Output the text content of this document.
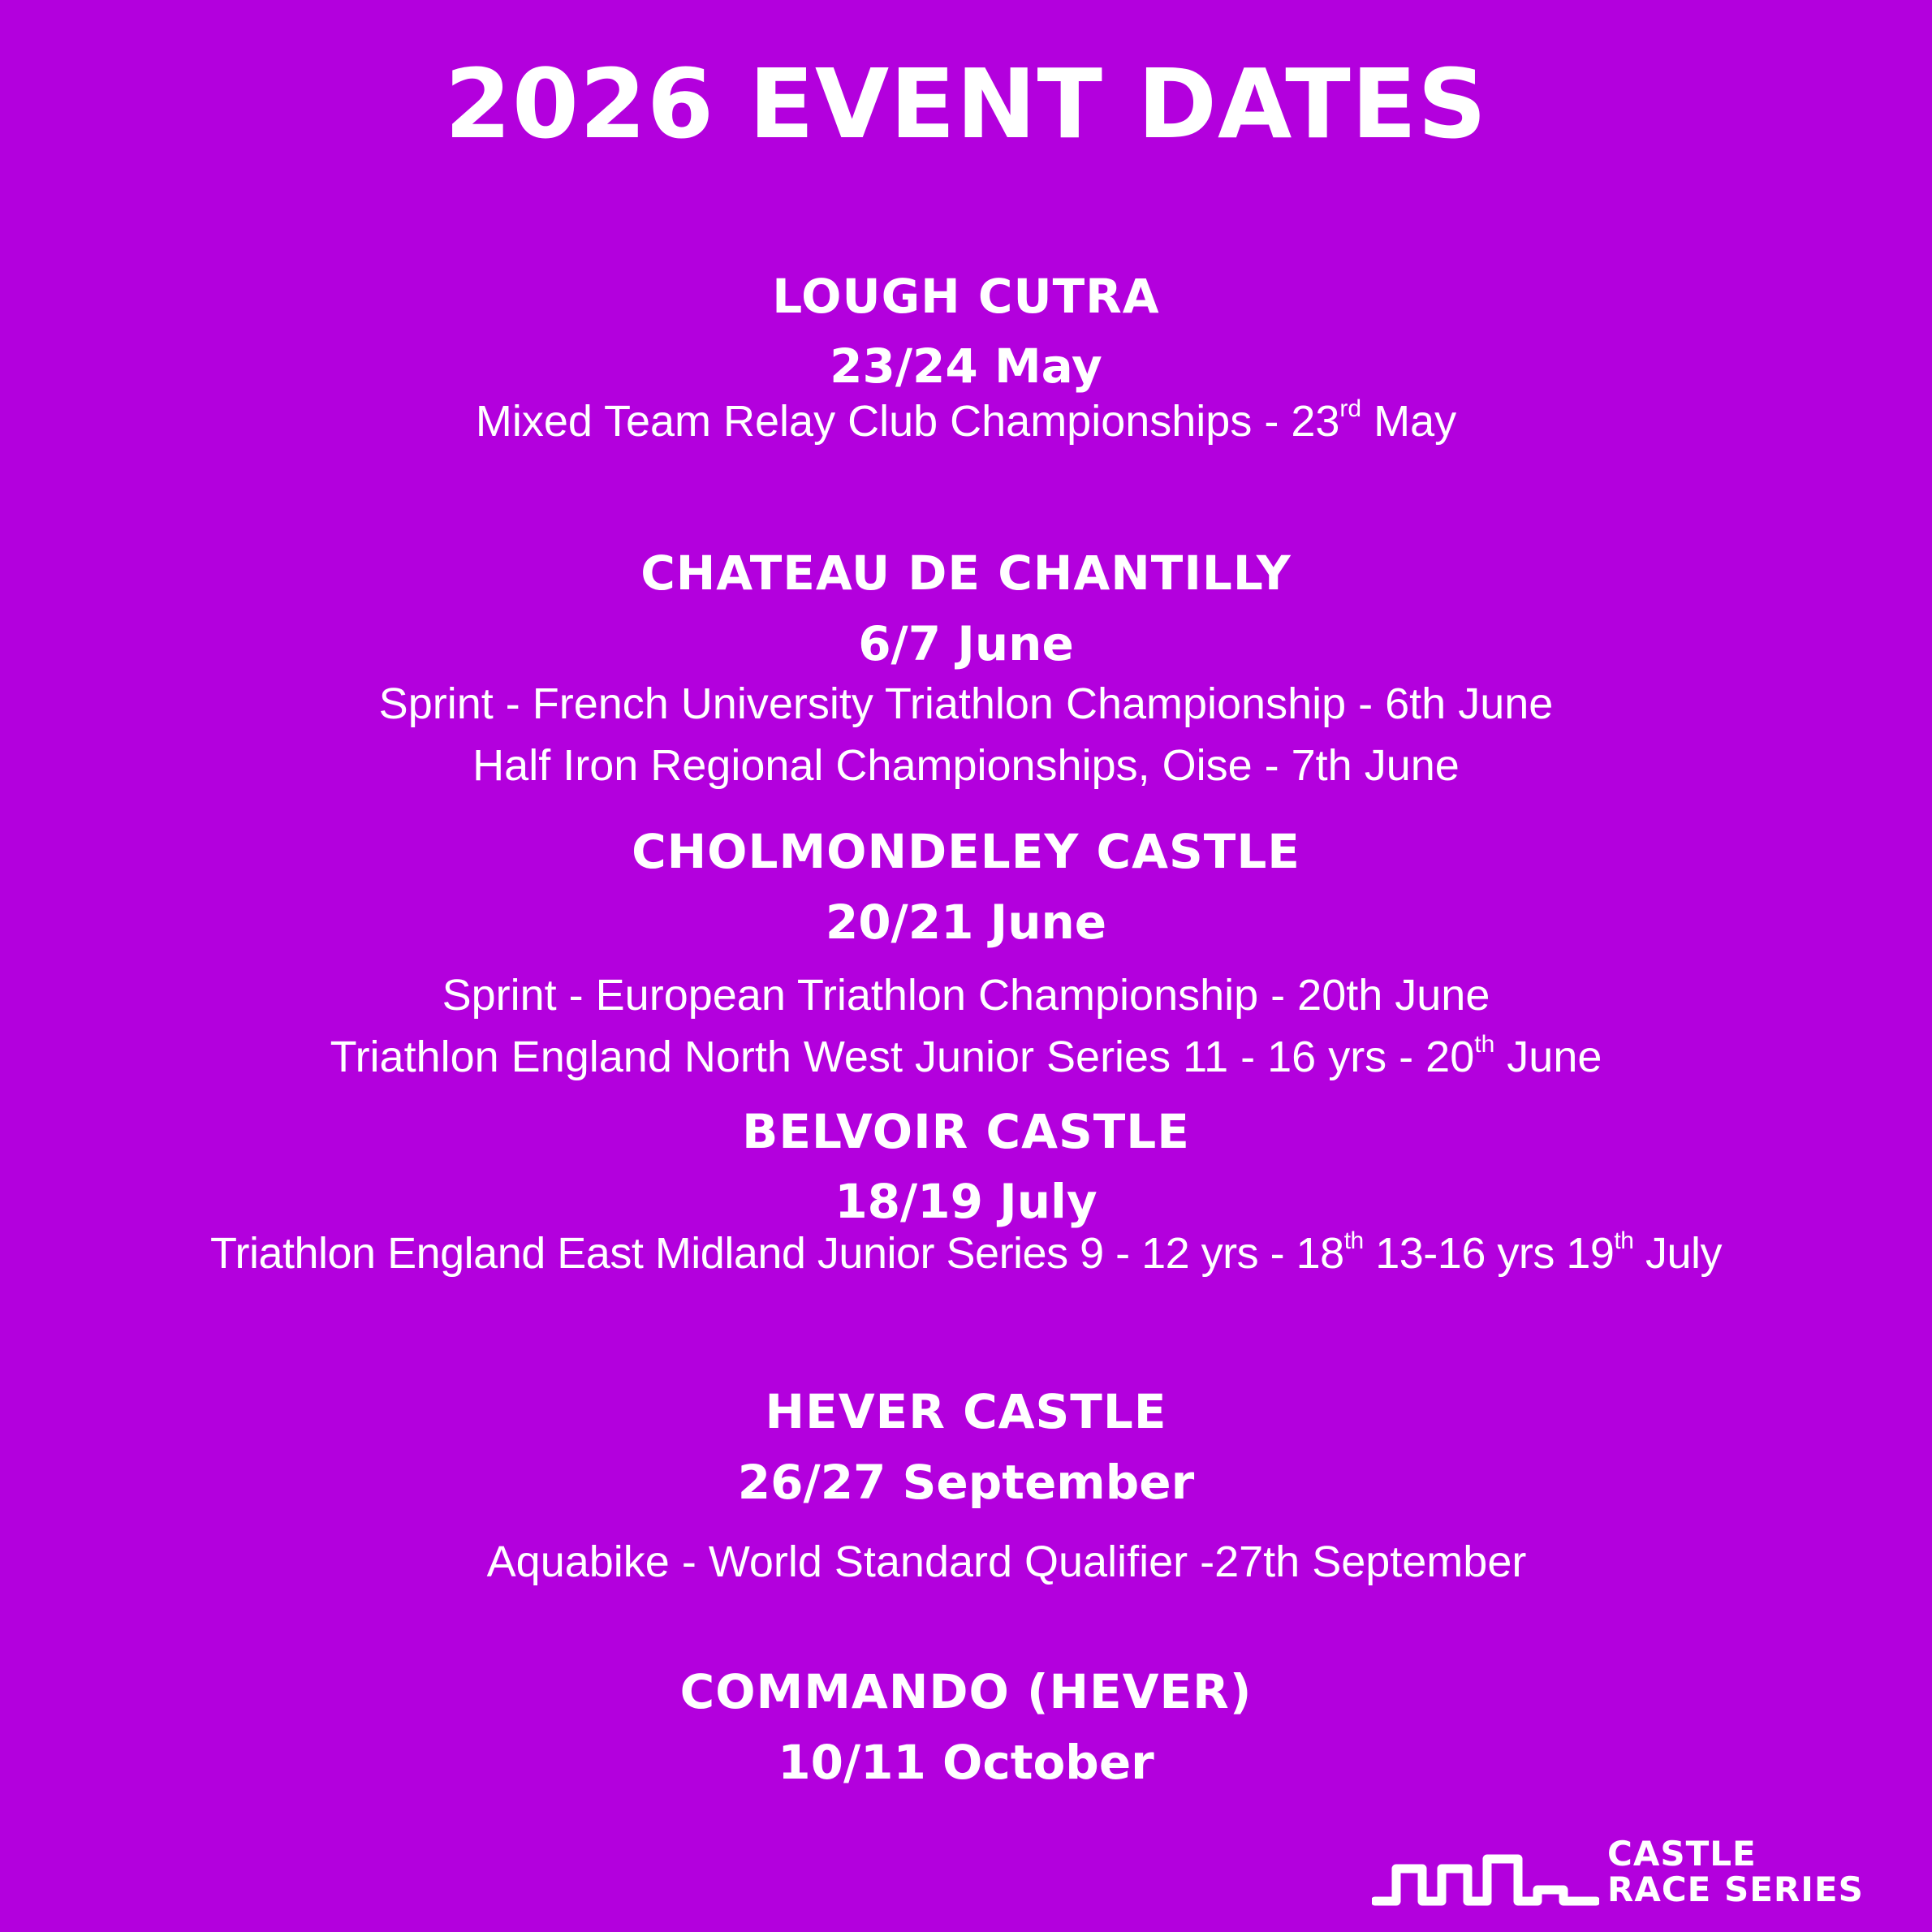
2026 EVENT DATES
LOUGH CUTRA
23/24 May
Mixed Team Relay Club Championships - 23rd May
CHATEAU DE CHANTILLY
6/7 June
Sprint - French University Triathlon Championship - 6th June
Half Iron Regional Championships, Oise - 7th June
CHOLMONDELEY CASTLE
20/21 June
Sprint - European Triathlon Championship - 20th June
Triathlon England North West Junior Series 11 - 16 yrs - 20th June
BELVOIR CASTLE
18/19 July
Triathlon England East Midland Junior Series 9 - 12 yrs - 18th 13-16 yrs 19th July
HEVER CASTLE
26/27 September
Aquabike - World Standard Qualifier -27th September
COMMANDO (HEVER)
10/11 October
CASTLE
RACE SERIES
